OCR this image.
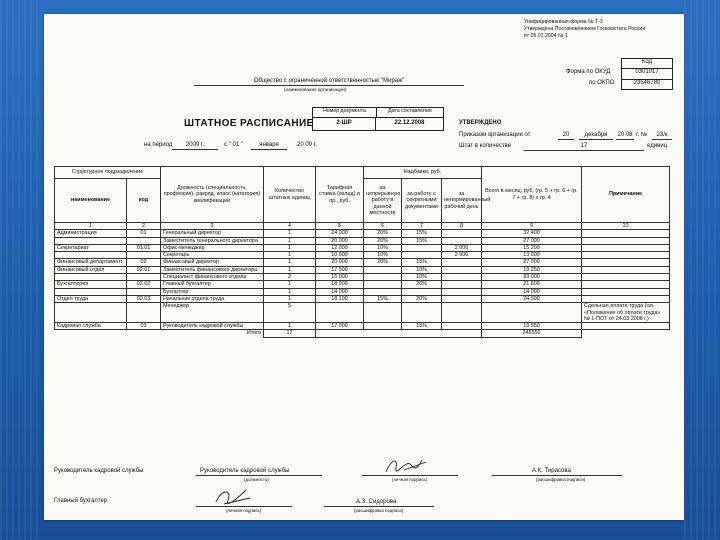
Унифицированная форма № Т-3
Утверждена Постановлением Госкомстата России
от 05.01.2004 № 1
Код
0301017
23546780
Форма по ОКУД
по ОКПО
Общество с ограниченной ответственностью "Мираж"
(наименование организации)
Номер документа	Дата составления
2-ШР	22.12.2008
ШТАТНОЕ РАСПИСАНИЕ	УТВЕРЖДЕНО
Приказом организации от	20	декабря	20 08 г. №	23/к
Штат в количестве	17	единиц
на период	2009 г.	с " 01 "	января	20 09 г.
Структурное подразделение		Должность (специальность, профессия), разряд, класс (категория) квалификации	Количество штатных единиц	Тарифная ставка (оклад) и пр., руб.	Надбавки, руб.			Всего в месяц, руб. (гр. 5 + гр. 6 + гр. 7 + гр. 8) x гр. 4	Примечание
наименование	код				за непрерывную работу в данной местности	за работу с секретными документами	за ненормированный рабочий день		
1	2	3	4	5	6	7	8	9	10
Администрация	01	Генеральный директор	1	24 000	20%	15%		32 400	
		Заместитель генерального директора	1	20 000	20%	15%		27 000	
Секретариат	01.01	Офис-менеджер	1	12 000	10%		2 000	15 200	
		Секретарь	1	10 000	10%		2 000	13 000	
Финансовый департамент	02	Финансовый директор	1	20 000	20%	15%		27 000	
Финансовый отдел	02.01	Заместитель финансового директора	1	17 500		10%		19 250	
		Специалист финансового отдела	2	15 000		10%		33 000	
Бухгалтерия	02.02	Главный бухгалтер	1	18 000		20%		21 600	
		Бухгалтер	1	14 000				14 000	
Отдел труда	02.03	Начальник отдела труда	1	18 100	15%	20%		24 900	
		Менеджер	5						Сдельная оплата труда (см. «Положение об оплате труда» № 1-ПОТ от 24.03.2008 г.)
Кадровая служба	03	Руководитель кадровой службы	1	17 000		15%		19 550	
		Итого	17					246550	
Руководитель кадровой службы	Руководитель кадровой службы
(должность)	(личная подпись)
А.К. Тирасова
(расшифровка подписи)
Главный бухгалтер
(личная подпись)
А.З. Сидорова
(расшифровка подписи)
